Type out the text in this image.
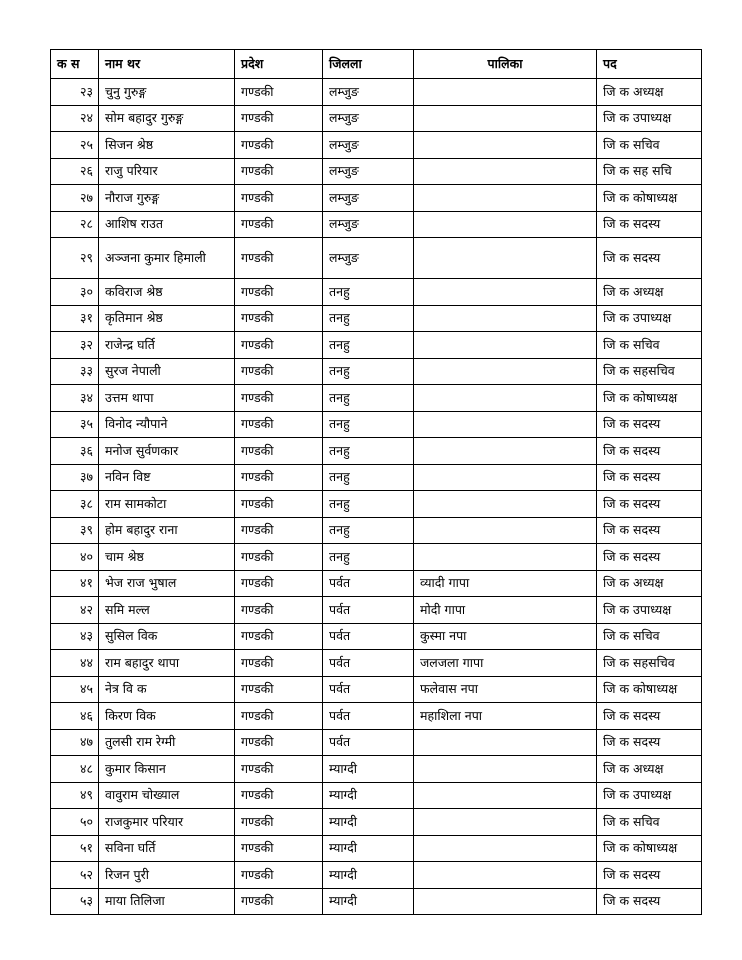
क स	नाम थर	प्रदेश	जिलला	पालिका	पद
२३	चुनु गुरुङ्ग	गण्डकी	लम्जुङ		जि क अध्यक्ष
२४	सोम बहादुर गुरुङ्ग	गण्डकी	लम्जुङ		जि क उपाध्यक्ष
२५	सिजन श्रेष्ठ	गण्डकी	लम्जुङ		जि क सचिव
२६	राजु परियार	गण्डकी	लम्जुङ		जि क सह सचि
२७	नौराज गुरुङ्ग	गण्डकी	लम्जुङ		जि क कोषाध्यक्ष
२८	आशिष राउत	गण्डकी	लम्जुङ		जि क सदस्य
२९	अञ्जना कुमार हिमाली	गण्डकी	लम्जुङ		जि क सदस्य
३०	कविराज श्रेष्ठ	गण्डकी	तनहु		जि क अध्यक्ष
३१	कृतिमान श्रेष्ठ	गण्डकी	तनहु		जि क उपाध्यक्ष
३२	राजेन्द्र घर्ति	गण्डकी	तनहु		जि क सचिव
३३	सुरज नेपाली	गण्डकी	तनहु		जि क सहसचिव
३४	उत्तम थापा	गण्डकी	तनहु		जि क कोषाध्यक्ष
३५	विनोद न्यौपाने	गण्डकी	तनहु		जि क सदस्य
३६	मनोज सुर्वणकार	गण्डकी	तनहु		जि क सदस्य
३७	नविन विष्ट	गण्डकी	तनहु		जि क सदस्य
३८	राम सामकोटा	गण्डकी	तनहु		जि क सदस्य
३९	होम बहादुर राना	गण्डकी	तनहु		जि क सदस्य
४०	चाम श्रेष्ठ	गण्डकी	तनहु		जि क सदस्य
४१	भेज राज भुषाल	गण्डकी	पर्वत	व्यादी गापा	जि क अध्यक्ष
४२	समि मल्ल	गण्डकी	पर्वत	मोदी गापा	जि क उपाध्यक्ष
४३	सुसिल विक	गण्डकी	पर्वत	कुस्मा नपा	जि क सचिव
४४	राम बहादुर थापा	गण्डकी	पर्वत	जलजला गापा	जि क सहसचिव
४५	नेत्र वि क	गण्डकी	पर्वत	फलेवास नपा	जि क कोषाध्यक्ष
४६	किरण विक	गण्डकी	पर्वत	महाशिला नपा	जि क सदस्य
४७	तुलसी राम रेग्मी	गण्डकी	पर्वत		जि क सदस्य
४८	कुमार किसान	गण्डकी	म्याग्दी		जि क अध्यक्ष
४९	वावुराम चोख्याल	गण्डकी	म्याग्दी		जि क उपाध्यक्ष
५०	राजकुमार परियार	गण्डकी	म्याग्दी		जि क सचिव
५१	सविना घर्ति	गण्डकी	म्याग्दी		जि क कोषाध्यक्ष
५२	रिजन पुरी	गण्डकी	म्याग्दी		जि क सदस्य
५३	माया तिलिजा	गण्डकी	म्याग्दी		जि क सदस्य
